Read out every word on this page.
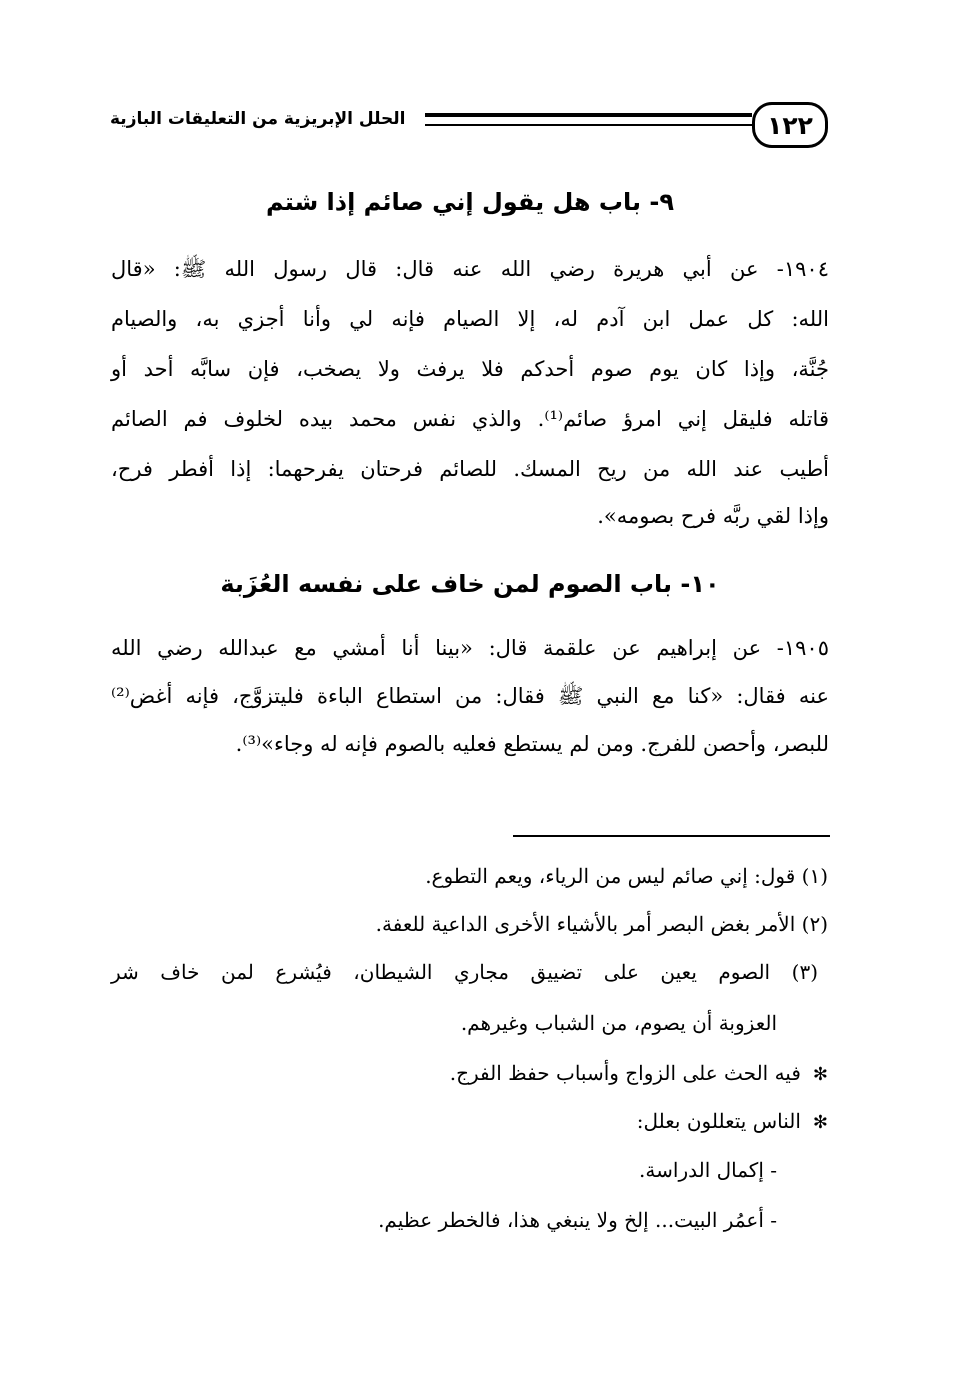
١٢٢
الحلل الإبريزية من التعليقات البازية
٩- باب هل يقول إني صائم إذا شتم
١٩٠٤- عن أبي هريرة رضي الله عنه قال: قال رسول الله ﷺ: «قال
الله: كل عمل ابن آدم له، إلا الصيام فإنه لي وأنا أجزي به، والصيام
جُنَّة، وإذا كان يوم صوم أحدكم فلا يرفث ولا يصخب، فإن سابَّه أحد أو
قاتله فليقل إني امرؤ صائم⁽¹⁾. والذي نفس محمد بيده لخلوف فم الصائم
أطيب عند الله من ريح المسك. للصائم فرحتان يفرحهما: إذا أفطر فرح،
وإذا لقي ربَّه فرح بصومه».
١٠- باب الصوم لمن خاف على نفسه العُزَبة
١٩٠٥- عن إبراهيم عن علقمة قال: «بينا أنا أمشي مع عبدالله رضي الله
عنه فقال: «كنا مع النبي ﷺ فقال: من استطاع الباءة فليتزوَّج، فإنه أغض⁽²⁾
للبصر، وأحصن للفرج. ومن لم يستطع فعليه بالصوم فإنه له وجاء»⁽³⁾.
(١) قول: إني صائم ليس من الرياء، ويعم التطوع.
(٢) الأمر بغض البصر أمر بالأشياء الأخرى الداعية للعفة.
(٣) الصوم يعين على تضييق مجاري الشيطان، فيُشرع لمن خاف شر
العزوبة أن يصوم، من الشباب وغيرهم.
✻فيه الحث على الزواج وأسباب حفظ الفرج.
✻الناس يتعللون بعلل:
- إكمال الدراسة.
- أعمُر البيت... إلخ ولا ينبغي هذا، فالخطر عظيم.
